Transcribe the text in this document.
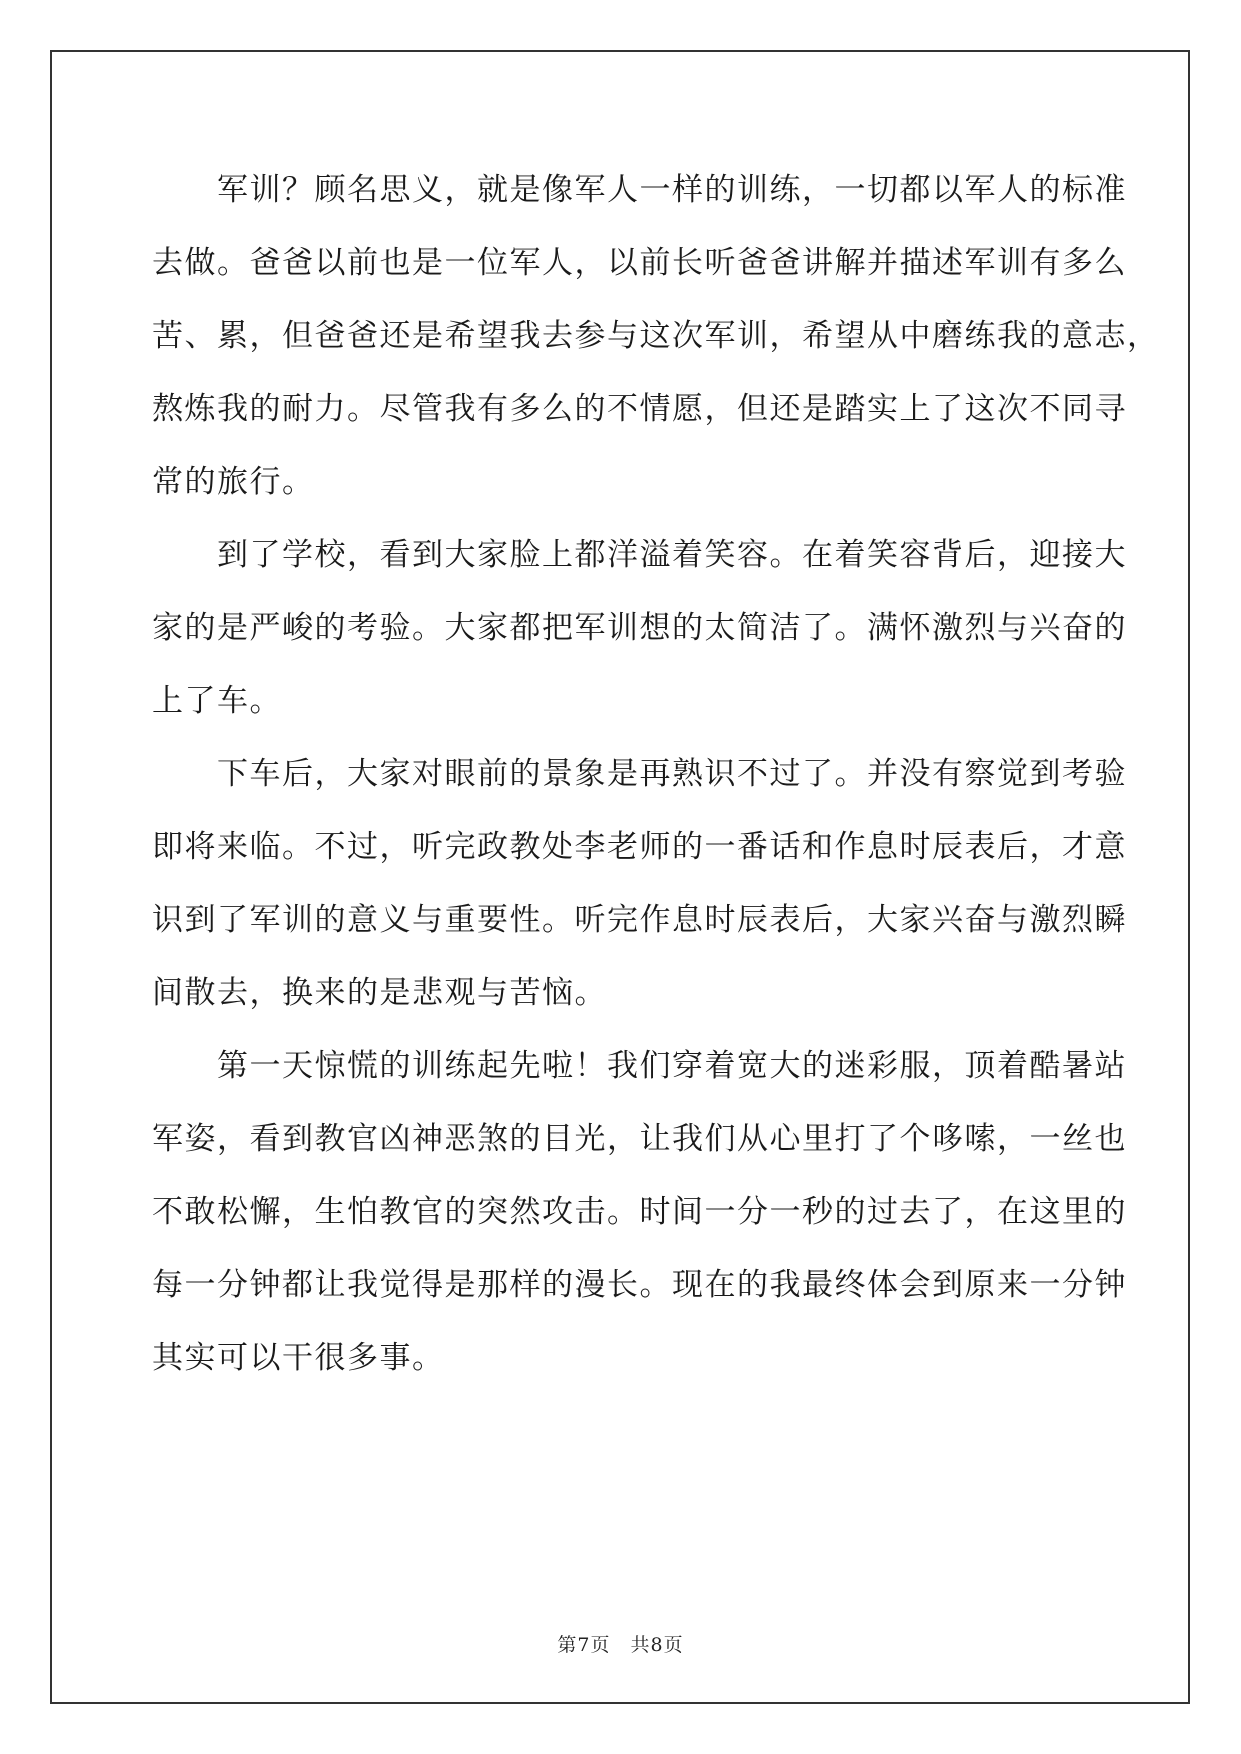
　　军训？顾名思义，就是像军人一样的训练，一切都以军人的标准
去做。爸爸以前也是一位军人，以前长听爸爸讲解并描述军训有多么
苦、累，但爸爸还是希望我去参与这次军训，希望从中磨练我的意志，
熬炼我的耐力。尽管我有多么的不情愿，但还是踏实上了这次不同寻
常的旅行。
　　到了学校，看到大家脸上都洋溢着笑容。在着笑容背后，迎接大
家的是严峻的考验。大家都把军训想的太简洁了。满怀激烈与兴奋的
上了车。
　　下车后，大家对眼前的景象是再熟识不过了。并没有察觉到考验
即将来临。不过，听完政教处李老师的一番话和作息时辰表后，才意
识到了军训的意义与重要性。听完作息时辰表后，大家兴奋与激烈瞬
间散去，换来的是悲观与苦恼。
　　第一天惊慌的训练起先啦！我们穿着宽大的迷彩服，顶着酷暑站
军姿，看到教官凶神恶煞的目光，让我们从心里打了个哆嗦，一丝也
不敢松懈，生怕教官的突然攻击。时间一分一秒的过去了，在这里的
每一分钟都让我觉得是那样的漫长。现在的我最终体会到原来一分钟
其实可以干很多事。
第7页　共8页
